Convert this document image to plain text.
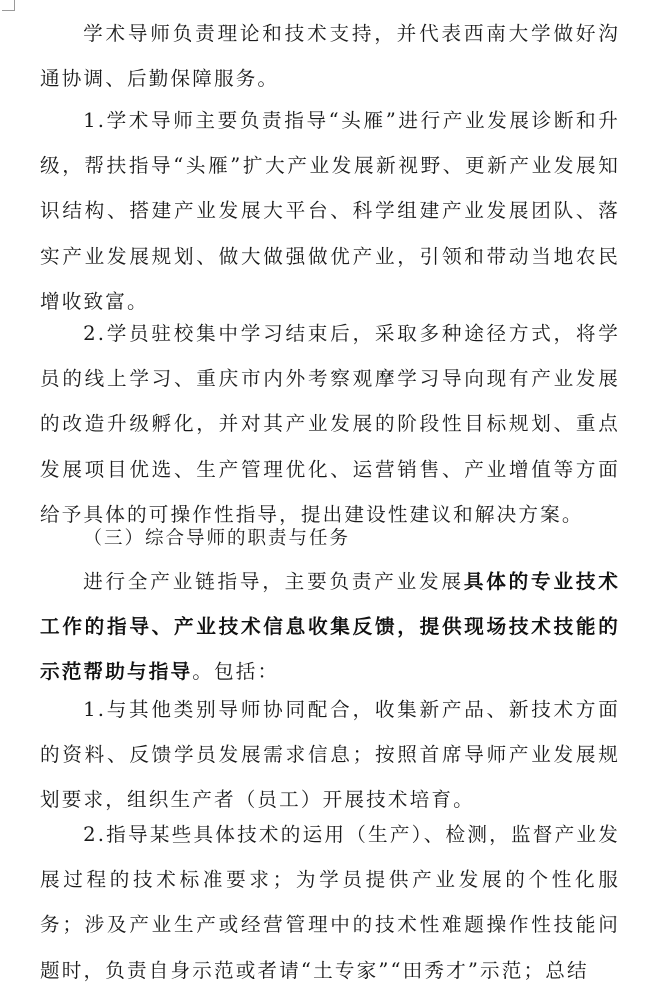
学术导师负责理论和技术支持，并代表西南大学做好沟通协调、后勤保障服务。

1.学术导师主要负责指导“头雁”进行产业发展诊断和升级，帮扶指导“头雁”扩大产业发展新视野、更新产业发展知识结构、搭建产业发展大平台、科学组建产业发展团队、落实产业发展规划、做大做强做优产业，引领和带动当地农民增收致富。

2.学员驻校集中学习结束后，采取多种途径方式，将学员的线上学习、重庆市内外考察观摩学习导向现有产业发展的改造升级孵化，并对其产业发展的阶段性目标规划、重点发展项目优选、生产管理优化、运营销售、产业增值等方面给予具体的可操作性指导，提出建设性建议和解决方案。

（三）综合导师的职责与任务

进行全产业链指导，主要负责产业发展具体的专业技术工作的指导、产业技术信息收集反馈，提供现场技术技能的示范帮助与指导。包括：

1.与其他类别导师协同配合，收集新产品、新技术方面的资料、反馈学员发展需求信息；按照首席导师产业发展规划要求，组织生产者（员工）开展技术培育。

2.指导某些具体技术的运用（生产）、检测，监督产业发展过程的技术标准要求；为学员提供产业发展的个性化服务；涉及产业生产或经营管理中的技术性难题操作性技能问题时，负责自身示范或者请“土专家”“田秀才”示范；总结
